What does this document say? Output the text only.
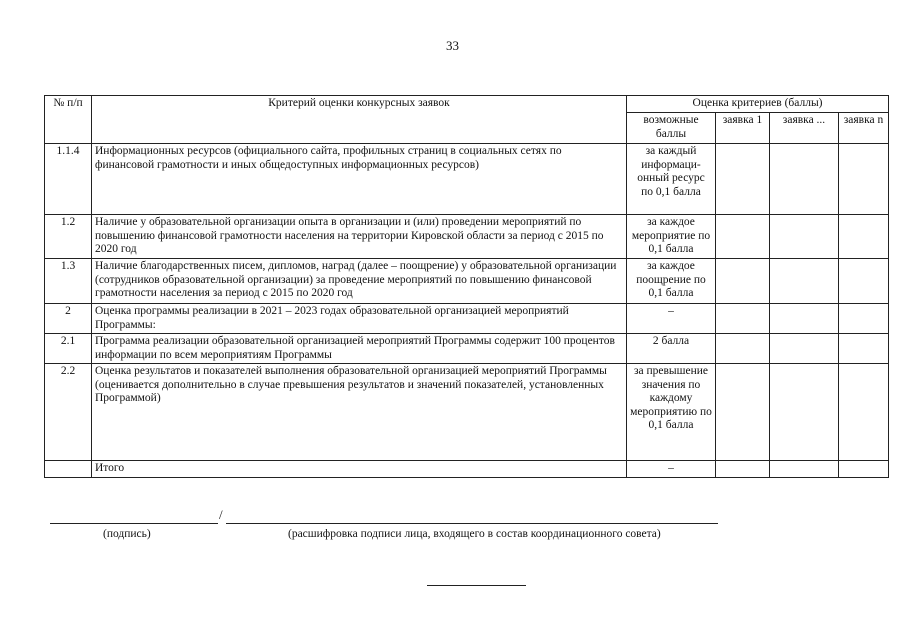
33
№ п/п	Критерий оценки конкурсных заявок	Оценка критериев (баллы)			
		возможные баллы	заявка 1	заявка ...	заявка n
1.1.4	Информационных ресурсов (официального сайта, профильных страниц в социальных сетях по финансовой грамотности и иных общедоступных информационных ресурсов)	за каждый информаци-онный ресурс по 0,1 балла			
1.2	Наличие у образовательной организации опыта в организации и (или) проведении мероприятий по повышению финансовой грамотности населения на территории Кировской области за период с 2015 по 2020 год	за каждое мероприятие по 0,1 балла			
1.3	Наличие благодарственных писем, дипломов, наград (далее – поощрение) у образовательной организации (сотрудников образовательной организации) за проведение мероприятий по повышению финансовой грамотности населения за период с 2015 по 2020 год	за каждое поощрение по 0,1 балла			
2	Оценка программы реализации в 2021 – 2023 годах образовательной организацией мероприятий Программы:	–			
2.1	Программа реализации образовательной организацией мероприятий Программы содержит 100 процентов информации по всем мероприятиям Программы	2 балла			
2.2	Оценка результатов и показателей выполнения образовательной организацией мероприятий Программы (оценивается дополнительно в случае превышения результатов и значений показателей, установленных Программой)	за превышение значения по каждому мероприятию по 0,1 балла			
	Итого	–			
/
(подпись)	(расшифровка подписи лица, входящего в состав координационного совета)
